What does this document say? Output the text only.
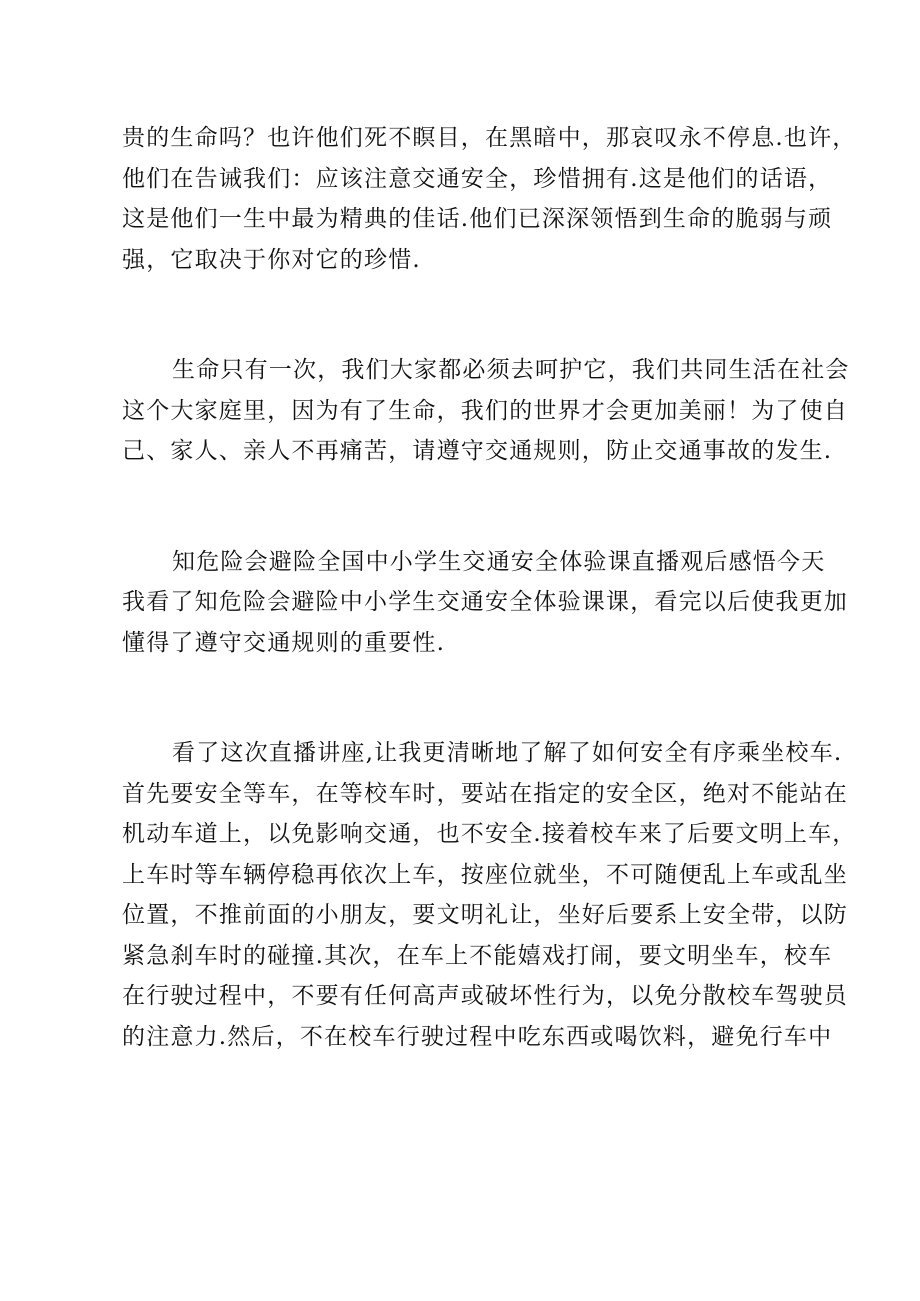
贵的生命吗？也许他们死不瞑目，在黑暗中，那哀叹永不停息.也许，
他们在告诫我们：应该注意交通安全，珍惜拥有.这是他们的话语，
这是他们一生中最为精典的佳话.他们已深深领悟到生命的脆弱与顽
强，它取决于你对它的珍惜.

生命只有一次，我们大家都必须去呵护它，我们共同生活在社会
这个大家庭里，因为有了生命，我们的世界才会更加美丽！为了使自
己、家人、亲人不再痛苦，请遵守交通规则，防止交通事故的发生.

知危险会避险全国中小学生交通安全体验课直播观后感悟今天
我看了知危险会避险中小学生交通安全体验课课，看完以后使我更加
懂得了遵守交通规则的重要性.

看了这次直播讲座,让我更清晰地了解了如何安全有序乘坐校车.
首先要安全等车，在等校车时，要站在指定的安全区，绝对不能站在
机动车道上，以免影响交通，也不安全.接着校车来了后要文明上车，
上车时等车辆停稳再依次上车，按座位就坐，不可随便乱上车或乱坐
位置，不推前面的小朋友，要文明礼让，坐好后要系上安全带，以防
紧急刹车时的碰撞.其次，在车上不能嬉戏打闹，要文明坐车，校车
在行驶过程中，不要有任何高声或破坏性行为，以免分散校车驾驶员
的注意力.然后，不在校车行驶过程中吃东西或喝饮料，避免行车中
